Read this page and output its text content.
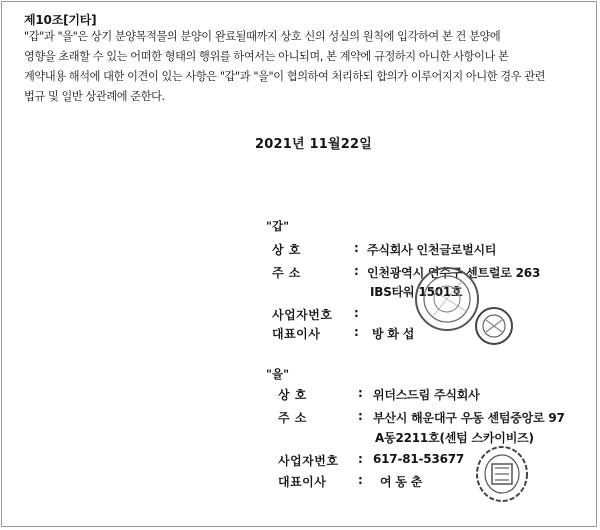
제10조[기타]
"갑"과 "을"은 상기 분양목적물의 분양이 완료될때까지 상호 신의 성실의 원칙에 입각하여 본 건 분양에
영향을 초래할 수 있는 어떠한 형태의 행위를 하여서는 아니되며, 본 계약에 규정하지 아니한 사항이나 본
계약내용 해석에 대한 이견이 있는 사항은 "갑"과 "을"이 협의하여 처리하되 합의가 이루어지지 아니한 경우 관련
법규 및 일반 상관례에 준한다.
2021년 11월22일
"갑"
상 호	: 주식회사 인천글로벌시티
주 소	: 인천광역시 연수구 센트럴로 263
IBS타워 1501호
사업자번호 :
대표이사	: 방 화 섭
"을"
상 호	: 위더스드림 주식회사
주 소	: 부산시 해운대구 우동 센텀중앙로 97
A동2211호(센텀 스카이비즈)
사업자번호 : 617-81-53677
대표이사	: 여 동 춘
